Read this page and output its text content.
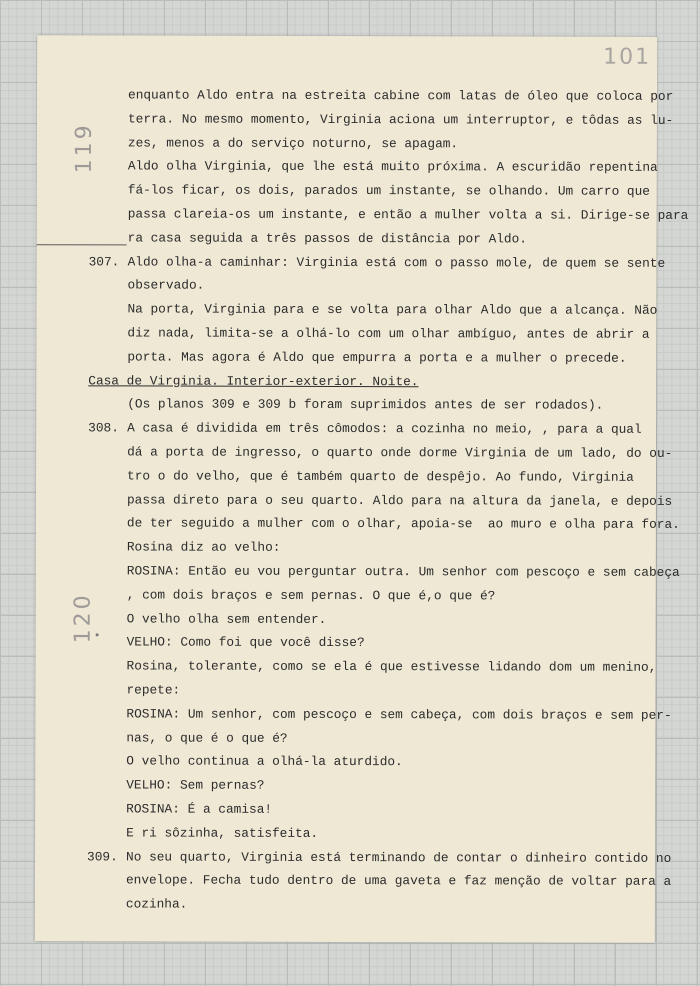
101
119
120
enquanto Aldo entra na estreita cabine com latas de óleo que coloca por
terra. No mesmo momento, Virginia aciona um interruptor, e tôdas as lu-
zes, menos a do serviço noturno, se apagam.
Aldo olha Virginia, que lhe está muito próxima. A escuridão repentina
fá-los ficar, os dois, parados um instante, se olhando. Um carro que
passa clareia-os um instante, e então a mulher volta a si. Dirige-se para
ra casa seguida a três passos de distância por Aldo.
307. Aldo olha-a caminhar: Virginia está com o passo mole, de quem se sente
observado.
Na porta, Virginia para e se volta para olhar Aldo que a alcança. Não
diz nada, limita-se a olhá-lo com um olhar ambíguo, antes de abrir a
porta. Mas agora é Aldo que empurra a porta e a mulher o precede.
Casa de Virginia. Interior-exterior. Noite.
(Os planos 309 e 309 b foram suprimidos antes de ser rodados).
308. A casa é dividida em três cômodos: a cozinha no meio, , para a qual
dá a porta de ingresso, o quarto onde dorme Virginia de um lado, do ou-
tro o do velho, que é também quarto de despêjo. Ao fundo, Virginia
passa direto para o seu quarto. Aldo para na altura da janela, e depois
de ter seguido a mulher com o olhar, apoia-se  ao muro e olha para fora.
Rosina diz ao velho:
ROSINA: Então eu vou perguntar outra. Um senhor com pescoço e sem cabeça
, com dois braços e sem pernas. O que é,o que é?
O velho olha sem entender.
VELHO: Como foi que você disse?
Rosina, tolerante, como se ela é que estivesse lidando dom um menino,
repete:
ROSINA: Um senhor, com pescoço e sem cabeça, com dois braços e sem per-
nas, o que é o que é?
O velho continua a olhá-la aturdido.
VELHO: Sem pernas?
ROSINA: É a camisa!
E ri sôzinha, satisfeita.
309. No seu quarto, Virginia está terminando de contar o dinheiro contido no
envelope. Fecha tudo dentro de uma gaveta e faz menção de voltar para a
cozinha.
